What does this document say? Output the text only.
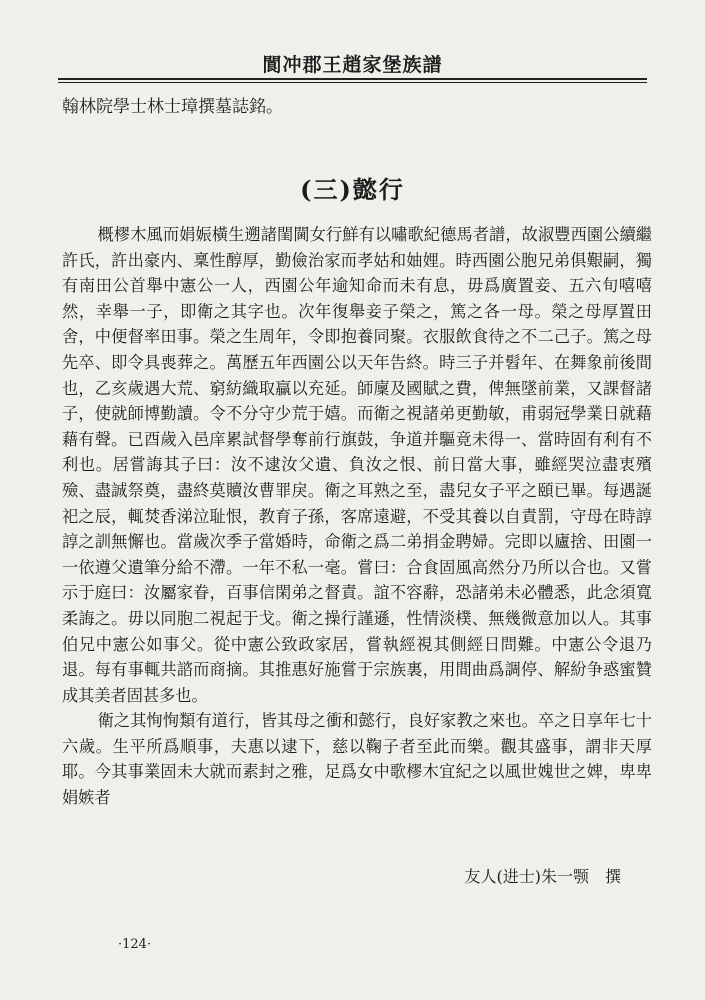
閬冲郡王趙家堡族譜
翰林院學士林士璋撰墓誌銘。
(三)懿行

概樛木風而娟娠橫生遡諸閨閫女行鮮有以嘯歌紀德馬者譜，故淑豐西園公續繼許氏，許出豪内、稟性醇厚，勤儉治家而孝姑和妯娌。時西園公胞兄弟俱艱嗣，獨有南田公首舉中憲公一人，西園公年逾知命而未有息，毋爲廣置妾、五六旬嘻嘻然，幸舉一子，即衛之其字也。次年復舉妾子榮之，篤之各一母。榮之母厚置田舍，中便督率田事。榮之生周年，令即抱養同聚。衣服飲食待之不二己子。篤之母先卒、即令具喪葬之。萬歷五年西園公以天年告終。時三子并髫年、在舞象前後間也，乙亥歲遇大荒、窮紡織取贏以充延。師廩及國賦之費，俾無墜前業，又課督諸子，使就師博勤讀。令不分守少荒于嬉。而衛之視諸弟更勤敏，甫弱冠學業日就藉藉有聲。已酉歲入邑庠累試督學奪前行旗鼓，争道并驅竟未得一、當時固有利有不利也。居嘗誨其子曰：汝不逮汝父遺、負汝之恨、前日當大事，雖經哭泣盡衷殯殮、盡誠祭奠，盡終莫贖汝曹罪戾。衛之耳熟之至，盡兒女子平之頤已畢。每遇誕祀之辰，輒焚香涕泣耻恨，教育子孫，客席遠避，不受其養以自責罰，守母在時諄諄之訓無懈也。當歲次季子當婚時，命衛之爲二弟捐金聘婦。完即以廬捨、田園一一依遵父遺筆分給不滯。一年不私一毫。嘗曰：合食固風高然分乃所以合也。又嘗示于庭曰：汝屬家眷，百事信閑弟之督責。誼不容辭，恐諸弟未必體悉，此念須寬柔誨之。毋以同胞二視起于戈。衛之操行謹遜，性情淡樸、無幾微意加以人。其事伯兄中憲公如事父。從中憲公致政家居，嘗執經視其側經日問難。中憲公令退乃退。每有事輒共諮而商摘。其推惠好施嘗于宗族裏，用間曲爲調停、解紛争惑蜜贊成其美者固甚多也。

衛之其恂恂類有道行，皆其母之衝和懿行，良好家教之來也。卒之日享年七十六歲。生平所爲順事，夫惠以逮下，慈以鞠子者至此而樂。觀其盛事，謂非天厚耶。今其事業固未大就而素封之雅，足爲女中歌樛木宜紀之以風世媿世之婢，卑卑娟嫉者

友人(进士)朱一颚　撰
·124·
